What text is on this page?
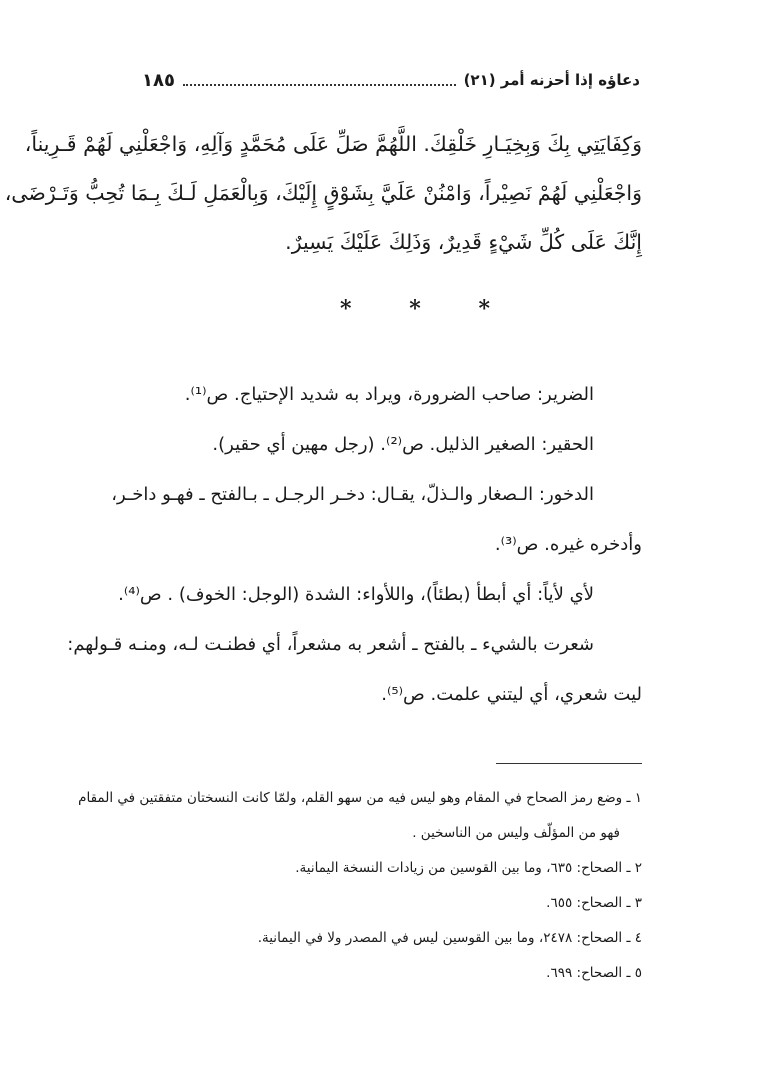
دعاؤه إذا أحزنه أمر (٢١)
١٨٥

وَكِفَايَتِي بِكَ وَبِخِيَـارِ خَلْقِكَ. اللَّهُمَّ صَلِّ عَلَى مُحَمَّدٍ وَآلِهِ، وَاجْعَلْنِي لَهُمْ قَـرِيناً،

وَاجْعَلْنِي لَهُمْ نَصِيْراً، وَامْنُنْ عَلَيَّ بِشَوْقٍ إِلَيْكَ، وَبِالْعَمَلِ لَـكَ بِـمَا تُحِبُّ وَتَـرْضَى،

إِنَّكَ عَلَى كُلِّ شَيْءٍ قَدِيرٌ، وَذَلِكَ عَلَيْكَ يَسِيرٌ.

*
*
*

الضرير: صاحب الضرورة، ويراد به شديد الإحتياج. ص⁽¹⁾.

الحقير: الصغير الذليل. ص⁽²⁾. (رجل مهين أي حقير).

الدخور: الـصغار والـذلّ، يقـال: دخـر الرجـل ـ بـالفتح ـ فهـو داخـر،

وأدخره غيره. ص⁽³⁾.

لأي لأياً: أي أبطأ (بطئاً)، واللأواء: الشدة (الوجل: الخوف) . ص⁽⁴⁾.

شعرت بالشيء ـ بالفتح ـ أشعر به مشعراً، أي فطنـت لـه، ومنـه قـولهم:

ليت شعري، أي ليتني علمت. ص⁽⁵⁾.

١ ـ وضع رمز الصحاح في المقام وهو ليس فيه من سهو القلم، ولمّا كانت النسختان متفقتين في المقام

فهو من المؤلّف وليس من الناسخين .

٢ ـ الصحاح: ٦٣٥، وما بين القوسين من زيادات النسخة اليمانية.

٣ ـ الصحاح: ٦٥٥.

٤ ـ الصحاح: ٢٤٧٨، وما بين القوسين ليس في المصدر ولا في اليمانية.

٥ ـ الصحاح: ٦٩٩.
